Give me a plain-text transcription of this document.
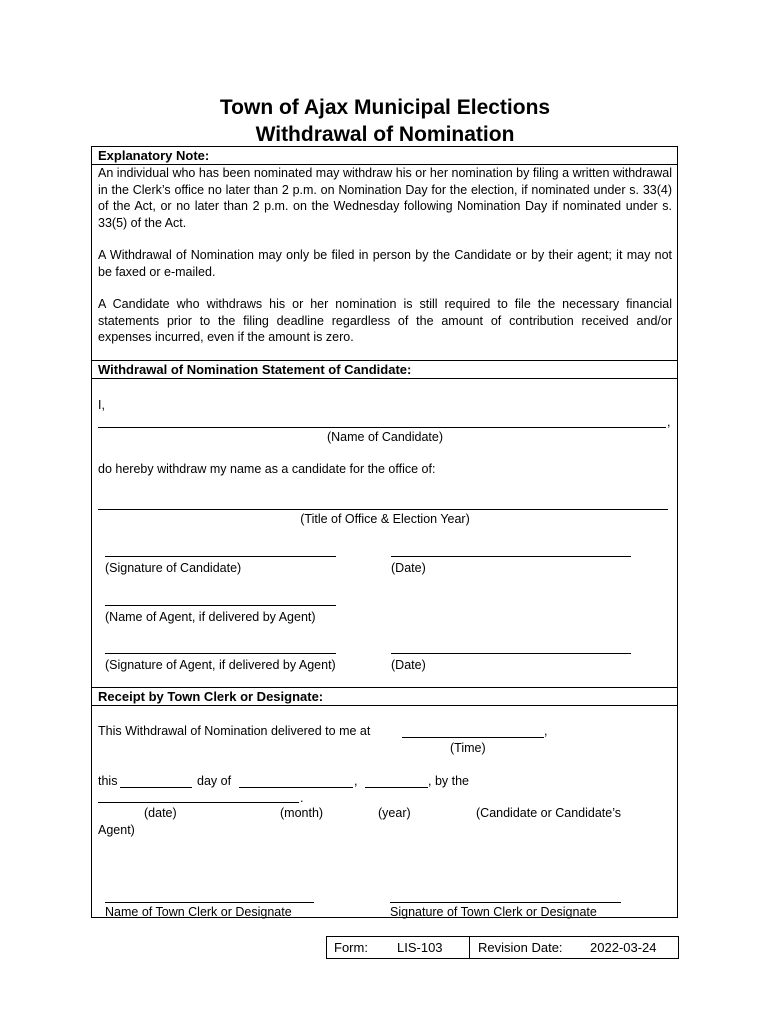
Town of Ajax Municipal Elections
Withdrawal of Nomination
Explanatory Note:
An individual who has been nominated may withdraw his or her nomination by filing a written withdrawal in the Clerk’s office no later than 2 p.m. on Nomination Day for the election, if nominated under s. 33(4) of the Act, or no later than 2 p.m. on the Wednesday following Nomination Day if nominated under s. 33(5) of the Act.
A Withdrawal of Nomination may only be filed in person by the Candidate or by their agent; it may not be faxed or e-mailed.
A Candidate who withdraws his or her nomination is still required to file the necessary financial statements prior to the filing deadline regardless of the amount of contribution received and/or expenses incurred, even if the amount is zero.
Withdrawal of Nomination Statement of Candidate:
I,
,
(Name of Candidate)
do hereby withdraw my name as a candidate for the office of:
(Title of Office & Election Year)
(Signature of Candidate)	(Date)
(Name of Agent, if delivered by Agent)
(Signature of Agent, if delivered by Agent)	(Date)
Receipt by Town Clerk or Designate:
This Withdrawal of Nomination delivered to me at	,
(Time)
this	day of	,	, by the
.
(date)	(month)	(year)	(Candidate or Candidate’s
Agent)
Name of Town Clerk or Designate	Signature of Town Clerk or Designate
Form: LIS-103	Revision Date: 2022-03-24
